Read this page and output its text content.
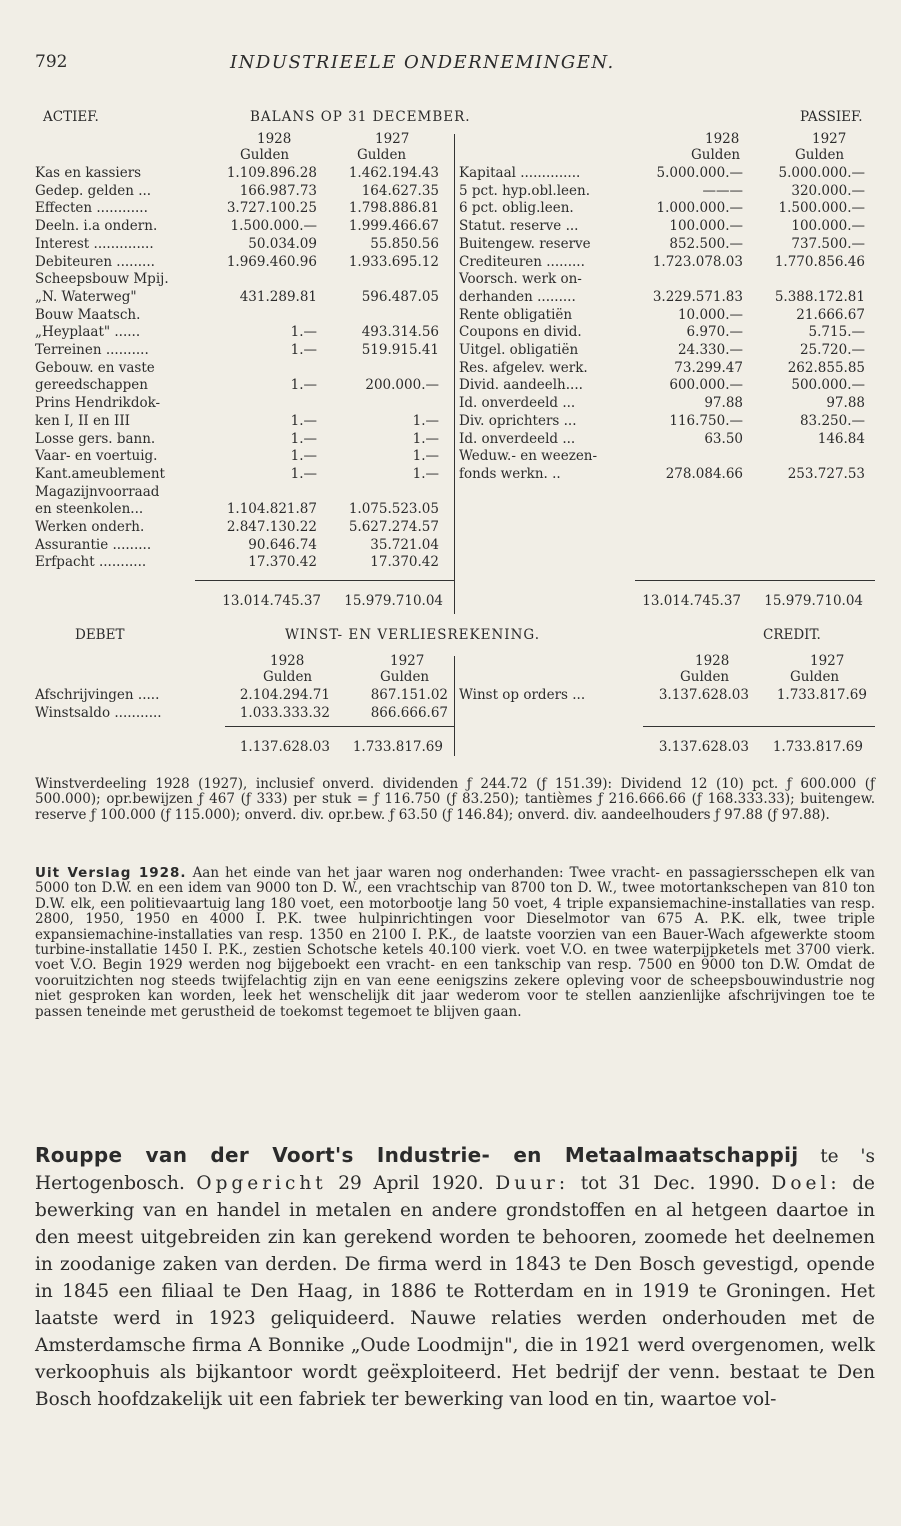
792	INDUSTRIEELE ONDERNEMINGEN.
ACTIEF.	BALANS OP 31 DECEMBER.	PASSIEF.
1928	1927
Gulden	Gulden
1928	1927
Gulden	Gulden
Kas en kassiers	1.109.896.28	1.462.194.43
Gedep. gelden ...	166.987.73	164.627.35
Effecten ............	3.727.100.25	1.798.886.81
Deeln. i.a ondern.	1.500.000.—	1.999.466.67
Interest ..............	50.034.09	55.850.56
Debiteuren .........	1.969.460.96	1.933.695.12
Scheepsbouw Mpij.
„N. Waterweg"	431.289.81	596.487.05
Bouw Maatsch.
„Heyplaat" ......	1.—	493.314.56
Terreinen ..........	1.—	519.915.41
Gebouw. en vaste
gereedschappen	1.—	200.000.—
Prins Hendrikdok-
ken I, II en III	1.—	1.—
Losse gers. bann.	1.—	1.—
Vaar- en voertuig.	1.—	1.—
Kant.ameublement	1.—	1.—
Magazijnvoorraad
en steenkolen...	1.104.821.87	1.075.523.05
Werken onderh.	2.847.130.22	5.627.274.57
Assurantie .........	90.646.74	35.721.04
Erfpacht ...........	17.370.42	17.370.42
Kapitaal ..............	5.000.000.—	5.000.000.—
5 pct. hyp.obl.leen.	———	320.000.—
6 pct. oblig.leen.	1.000.000.—	1.500.000.—
Statut. reserve ...	100.000.—	100.000.—
Buitengew. reserve	852.500.—	737.500.—
Crediteuren .........	1.723.078.03	1.770.856.46
Voorsch. werk on-
derhanden .........	3.229.571.83	5.388.172.81
Rente obligatiën	10.000.—	21.666.67
Coupons en divid.	6.970.—	5.715.—
Uitgel. obligatiën	24.330.—	25.720.—
Res. afgelev. werk.	73.299.47	262.855.85
Divid. aandeelh....	600.000.—	500.000.—
Id. onverdeeld ...	97.88	97.88
Div. oprichters ...	116.750.—	83.250.—
Id. onverdeeld ...	63.50	146.84
Weduw.- en weezen-
fonds werkn. ..	278.084.66	253.727.53
13.014.745.37	15.979.710.04	13.014.745.37	15.979.710.04
DEBET	WINST- EN VERLIESREKENING.	CREDIT.
1928	1927
Gulden	Gulden
1928	1927
Gulden	Gulden
Afschrijvingen .....	2.104.294.71	867.151.02
Winstsaldo ...........	1.033.333.32	866.666.67
Winst op orders ...	3.137.628.03	1.733.817.69
1.137.628.03	1.733.817.69	3.137.628.03	1.733.817.69
Winstverdeeling 1928 (1927), inclusief onverd. dividenden ƒ 244.72 (ƒ 151.39): Dividend 12 (10) pct. ƒ 600.000 (ƒ 500.000); opr.bewijzen ƒ 467 (ƒ 333) per stuk = ƒ 116.750 (ƒ 83.250); tantièmes ƒ 216.666.66 (ƒ 168.333.33); buitengew. reserve ƒ 100.000 (ƒ 115.000); onverd. div. opr.bew. ƒ 63.50 (ƒ 146.84); onverd. div. aandeelhouders ƒ 97.88 (ƒ 97.88).
Uit Verslag 1928. Aan het einde van het jaar waren nog onderhanden: Twee vracht- en passagiersschepen elk van 5000 ton D.W. en een idem van 9000 ton D. W., een vrachtschip van 8700 ton D. W., twee motortankschepen van 810 ton D.W. elk, een politievaartuig lang 180 voet, een motorbootje lang 50 voet, 4 triple expansiemachine-installaties van resp. 2800, 1950, 1950 en 4000 I. P.K. twee hulpinrichtingen voor Dieselmotor van 675 A. P.K. elk, twee triple expansiemachine-installaties van resp. 1350 en 2100 I. P.K., de laatste voorzien van een Bauer-Wach afgewerkte stoom turbine-installatie 1450 I. P.K., zestien Schotsche ketels 40.100 vierk. voet V.O. en twee waterpijpketels met 3700 vierk. voet V.O. Begin 1929 werden nog bijgeboekt een vracht- en een tankschip van resp. 7500 en 9000 ton D.W. Omdat de vooruitzichten nog steeds twijfelachtig zijn en van eene eenigszins zekere opleving voor de scheepsbouwindustrie nog niet gesproken kan worden, leek het wenschelijk dit jaar wederom voor te stellen aanzienlijke afschrijvingen toe te passen teneinde met gerustheid de toekomst tegemoet te blijven gaan.
Rouppe van der Voort's Industrie- en Metaalmaatschappij te 's Hertogenbosch. Opgericht 29 April 1920. Duur: tot 31 Dec. 1990. Doel: de bewerking van en handel in metalen en andere grondstoffen en al hetgeen daartoe in den meest uitgebreiden zin kan gerekend worden te behooren, zoomede het deelnemen in zoodanige zaken van derden. De firma werd in 1843 te Den Bosch gevestigd, opende in 1845 een filiaal te Den Haag, in 1886 te Rotterdam en in 1919 te Groningen. Het laatste werd in 1923 geliquideerd. Nauwe relaties werden onderhouden met de Amsterdamsche firma A Bonnike „Oude Loodmijn", die in 1921 werd overgenomen, welk verkoophuis als bijkantoor wordt geëxploiteerd. Het bedrijf der venn. bestaat te Den Bosch hoofdzakelijk uit een fabriek ter bewerking van lood en tin, waartoe vol-
